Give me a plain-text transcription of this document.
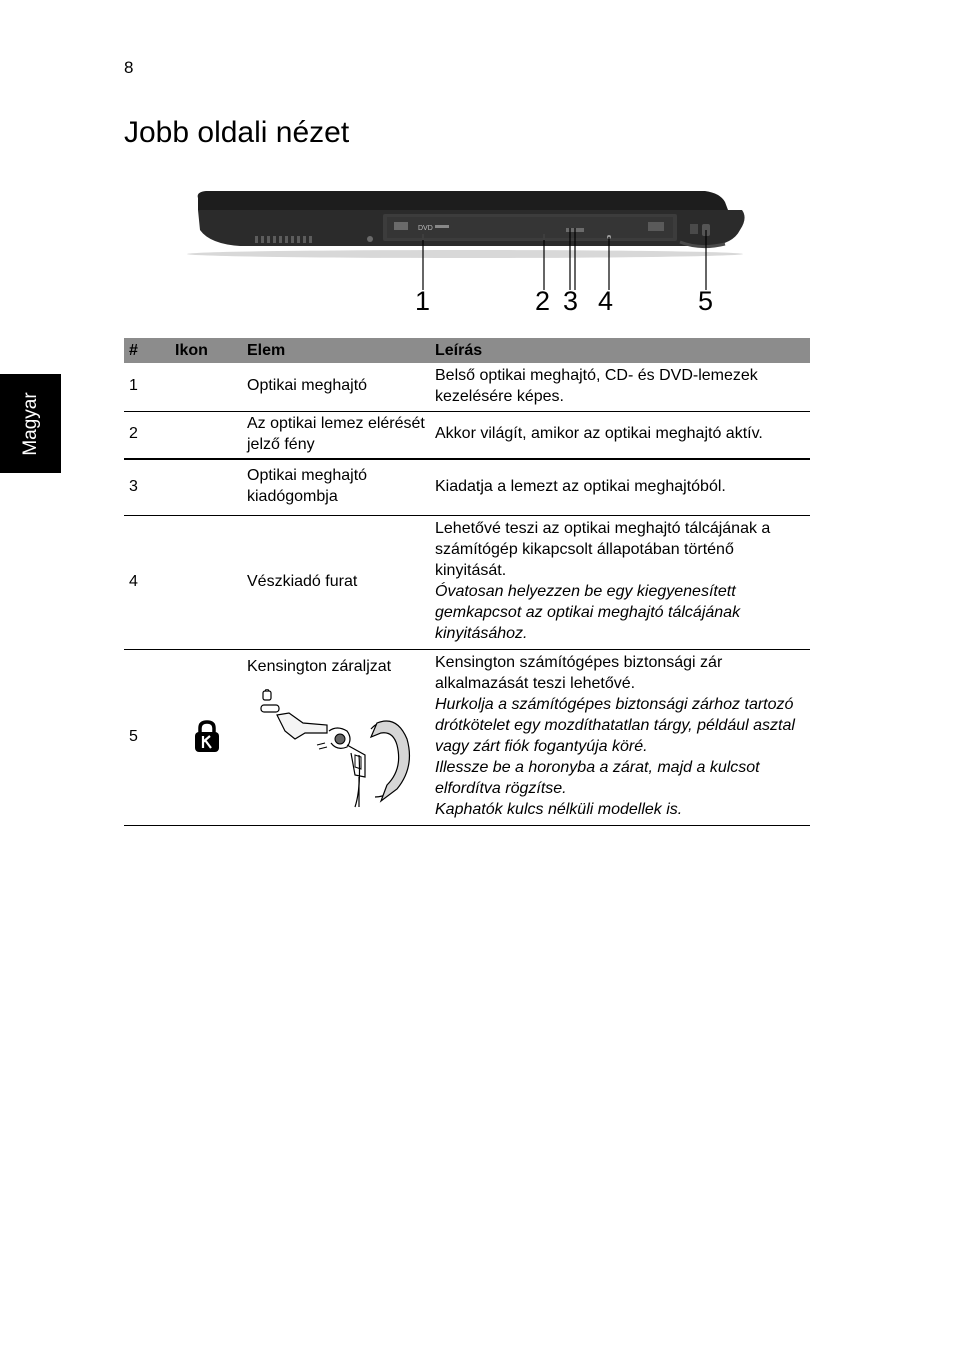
8
Jobb oldali nézet
Magyar
DVD
1	2 3 4	5
#	Ikon	Elem	Leírás
1		Optikai meghajtó	Belső optikai meghajtó, CD- és DVD-lemezek kezelésére képes.
2		Az optikai lemez elérését jelző fény	Akkor világít, amikor az optikai meghajtó aktív.
3		Optikai meghajtó kiadógombja	Kiadatja a lemezt az optikai meghajtóból.
4		Vészkiadó furat	Lehetővé teszi az optikai meghajtó tálcájának a számítógép kikapcsolt állapotában történő kinyitását.
Óvatosan helyezzen be egy kiegyenesített gemkapcsot az optikai meghajtó tálcájának kinyitásához.

5		Kensington záraljzat	Kensington számítógépes biztonsági zár alkalmazását teszi lehetővé.
Hurkolja a számítógépes biztonsági zárhoz tartozó drótkötelet egy mozdíthatatlan tárgy, például asztal vagy zárt fiók fogantyúja köré.
Illessze be a horonyba a zárat, majd a kulcsot elfordítva rögzítse.
Kaphatók kulcs nélküli modellek is.
